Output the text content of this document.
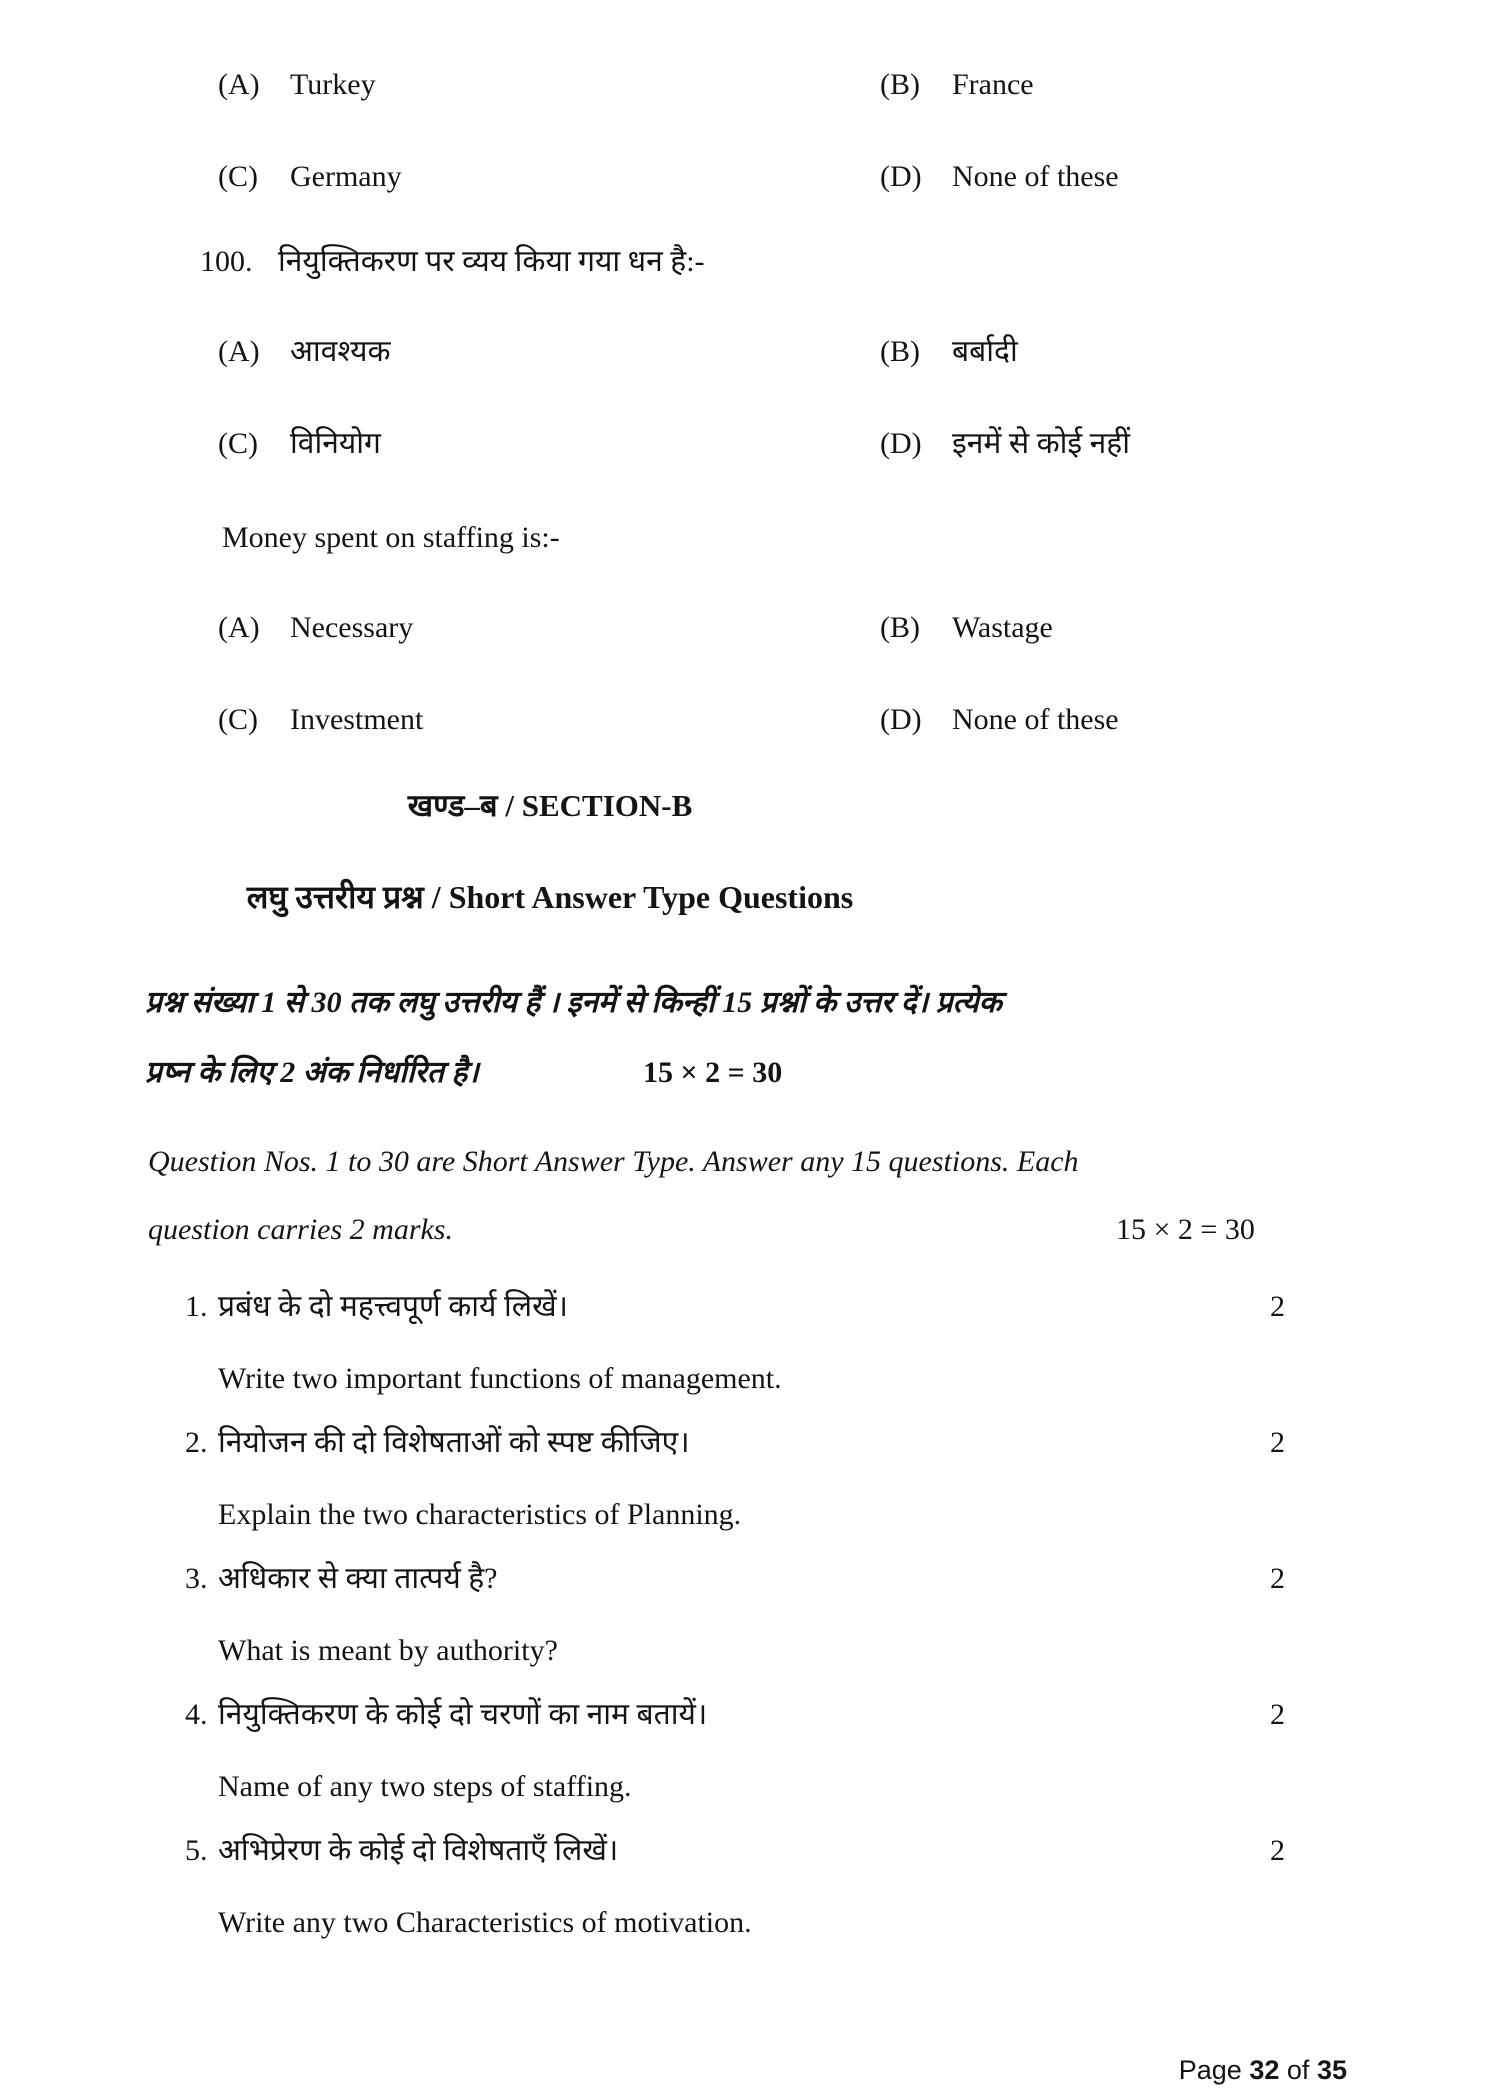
(A)	Turkey	(B)	France
(C)	Germany	(D)	None of these
100. नियुक्तिकरण पर व्यय किया गया धन है:-
(A)	आवश्यक	(B)	बर्बादी
(C)	विनियोग	(D)	इनमें से कोई नहीं
Money spent on staffing is:-
(A)	Necessary	(B)	Wastage
(C)	Investment	(D)	None of these
खण्ड–ब / SECTION-B
लघु उत्तरीय प्रश्न / Short Answer Type Questions
प्रश्न संख्या 1 से 30 तक लघु उत्तरीय हैं । इनमें से किन्हीं 15 प्रश्नों के उत्तर दें। प्रत्येक
प्रष्न के लिए 2 अंक निर्धारित है।	15 × 2 = 30
Question Nos. 1 to 30 are Short Answer Type. Answer any 15 questions. Each
question carries 2 marks.	15 × 2 = 30
1. प्रबंध के दो महत्त्वपूर्ण कार्य लिखें।	2
Write two important functions of management.
2. नियोजन की दो विशेषताओं को स्पष्ट कीजिए।	2
Explain the two characteristics of Planning.
3. अधिकार से क्या तात्पर्य है?	2
What is meant by authority?
4. नियुक्तिकरण के कोई दो चरणों का नाम बतायें।	2
Name of any two steps of staffing.
5. अभिप्रेरण के कोई दो विशेषताएँ लिखें।	2
Write any two Characteristics of motivation.
Page 32 of 35
